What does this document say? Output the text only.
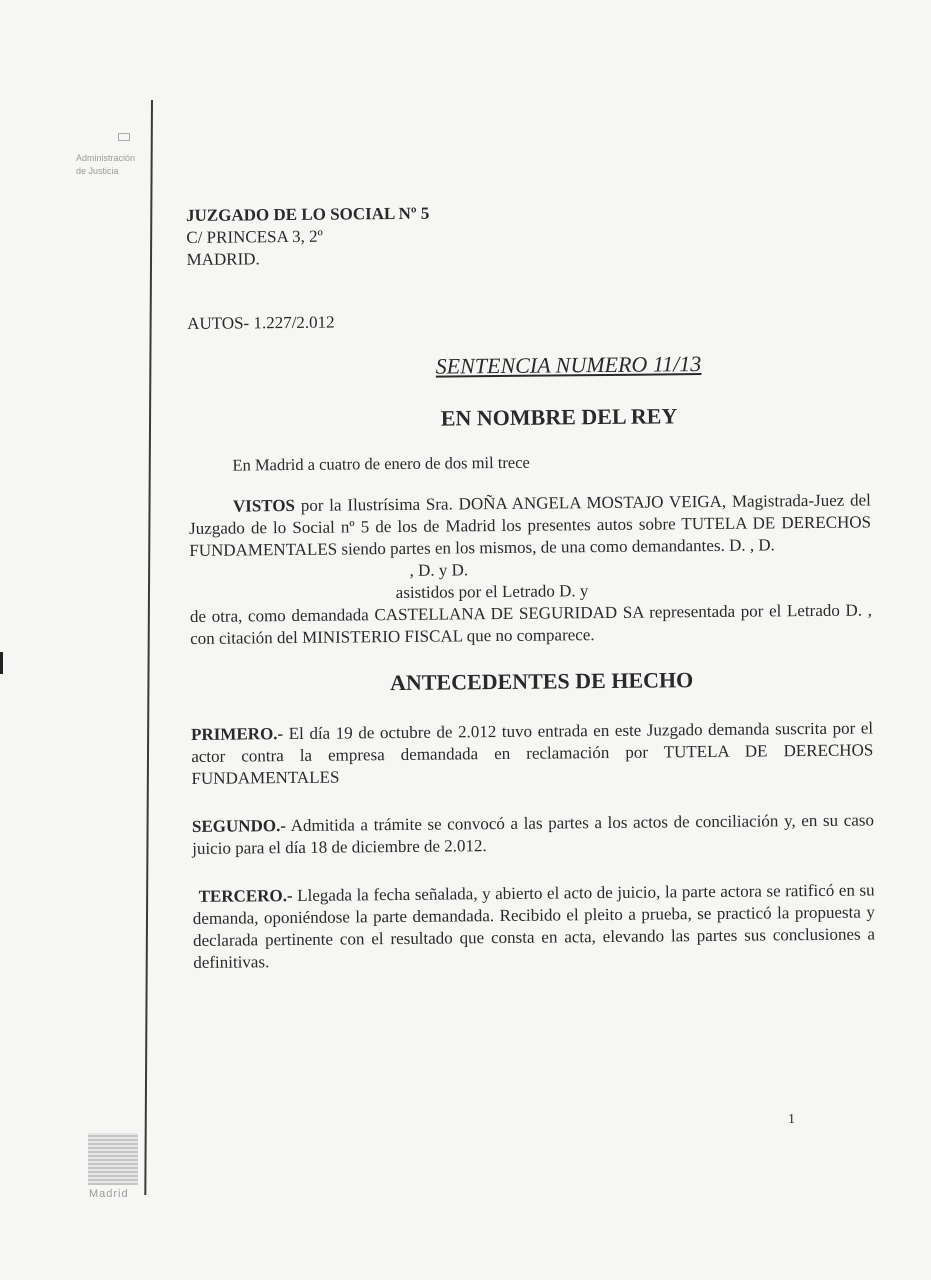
Administración
de Justicia
Madrid
JUZGADO DE LO SOCIAL Nº 5
C/ PRINCESA 3, 2º
MADRID.
AUTOS- 1.227/2.012
SENTENCIA NUMERO 11/13
EN NOMBRE DEL REY
En Madrid a cuatro de enero de dos mil trece

VISTOS por la Ilustrísima Sra. DOÑA ANGELA MOSTAJO VEIGA, Magistrada-Juez del Juzgado de lo Social nº 5 de los de Madrid los presentes autos sobre TUTELA DE DERECHOS FUNDAMENTALES siendo partes en los mismos, de una como demandantes. D. , D.

, D. y D.

asistidos por el Letrado D. y

de otra, como demandada CASTELLANA DE SEGURIDAD SA representada por el Letrado D. , con citación del MINISTERIO FISCAL que no comparece.

ANTECEDENTES DE HECHO

PRIMERO.- El día 19 de octubre de 2.012 tuvo entrada en este Juzgado demanda suscrita por el actor contra la empresa demandada en reclamación por TUTELA DE DERECHOS FUNDAMENTALES

SEGUNDO.- Admitida a trámite se convocó a las partes a los actos de conciliación y, en su caso juicio para el día 18 de diciembre de 2.012.

TERCERO.- Llegada la fecha señalada, y abierto el acto de juicio, la parte actora se ratificó en su demanda, oponiéndose la parte demandada. Recibido el pleito a prueba, se practicó la propuesta y declarada pertinente con el resultado que consta en acta, elevando las partes sus conclusiones a definitivas.

1
